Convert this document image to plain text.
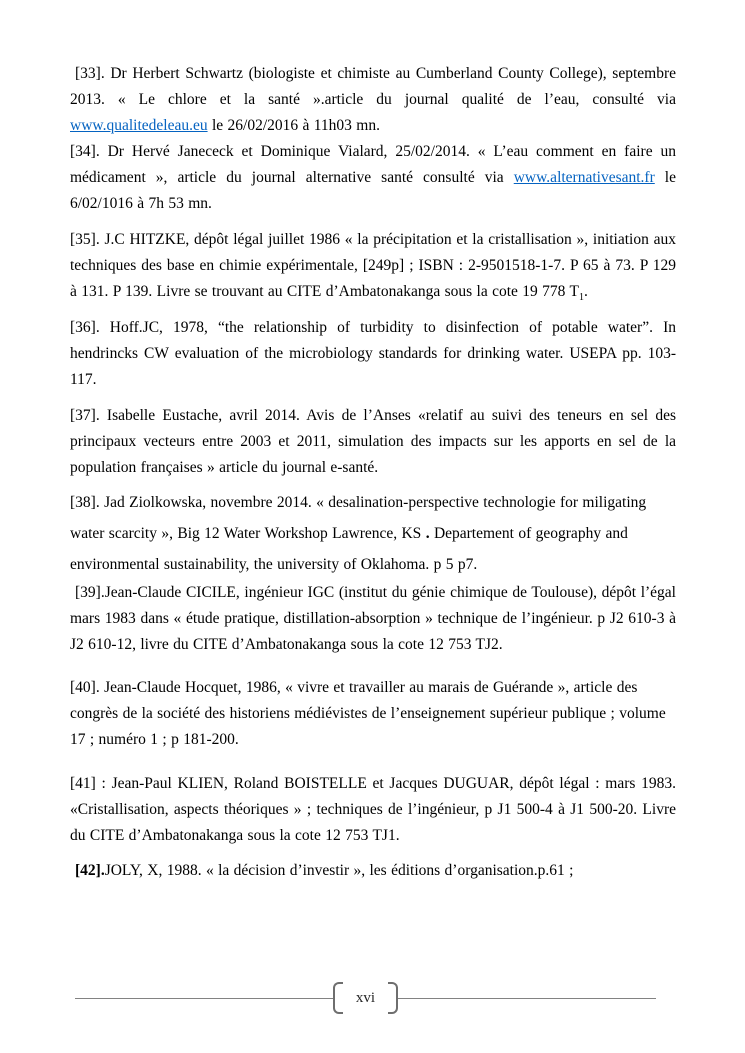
[33]. Dr Herbert Schwartz (biologiste et chimiste au Cumberland County College), septembre 2013. « Le chlore et la santé ».article du journal qualité de l’eau, consulté via www.qualitedeleau.eu le 26/02/2016 à 11h03 mn.

[34]. Dr Hervé Janececk et Dominique Vialard, 25/02/2014. « L’eau comment en faire un médicament », article du journal alternative santé consulté via www.alternativesant.fr le 6/02/1016 à 7h 53 mn.

[35]. J.C HITZKE, dépôt légal juillet 1986 « la précipitation et la cristallisation », initiation aux techniques des base en chimie expérimentale, [249p] ; ISBN : 2-9501518-1-7. P 65 à 73. P 129 à 131. P 139. Livre se trouvant au CITE d’Ambatonakanga sous la cote 19 778 $T_1$.

[36]. Hoff.JC, 1978, “the relationship of turbidity to disinfection of potable water”. In hendrincks CW evaluation of the microbiology standards for drinking water. USEPA pp. 103-117.

[37]. Isabelle Eustache, avril 2014. Avis de l’Anses «relatif au suivi des teneurs en sel des principaux vecteurs entre 2003 et 2011, simulation des impacts sur les apports en sel de la population françaises » article du journal e-santé.

[38]. Jad Ziolkowska, novembre 2014. « desalination-perspective technologie for miligating water scarcity », Big 12 Water Workshop Lawrence, KS . Departement of geography and environmental sustainability, the university of Oklahoma. p 5 p7.

[39].Jean-Claude CICILE, ingénieur IGC (institut du génie chimique de Toulouse), dépôt l’égal mars 1983 dans « étude pratique, distillation-absorption » technique de l’ingénieur. p J2 610-3 à J2 610-12, livre du CITE d’Ambatonakanga sous la cote 12 753 TJ2.

[40]. Jean-Claude Hocquet, 1986, « vivre et travailler au marais de Guérande », article des congrès de la société des historiens médiévistes de l’enseignement supérieur publique ; volume 17 ; numéro 1 ; p 181-200.

[41] : Jean-Paul KLIEN, Roland BOISTELLE et Jacques DUGUAR, dépôt légal : mars 1983. «Cristallisation, aspects théoriques » ; techniques de l’ingénieur, p J1 500-4 à J1 500-20. Livre du CITE d’Ambatonakanga sous la cote 12 753 TJ1.

[42].JOLY, X, 1988. « la décision d’investir », les éditions d’organisation.p.61 ;

xvi
